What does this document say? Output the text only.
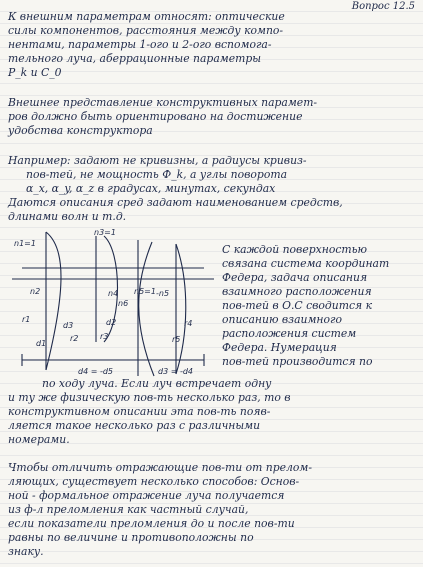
Вопрос 12.5
К внешним параметрам относят: оптические
силы компонентов, расстояния между компо-
нентами, параметры 1-ого и 2-ого вспомога-
тельного луча, аберрационные параметры
P_k и C_0
Внешнее представление конструктивных парамет-
ров должно быть ориентировано на достижение
удобства конструктора
Например: задают не кривизны, а радиусы кривиз-
пов-тей, не мощность Ф_k, а углы поворота
α_x, α_y, α_z в градусах, минутах, секундах
Даются описания сред задают наименованием средств,
длинами волн и т.д.
С каждой поверхностью
связана система координат
Федера, задача описания
взаимного расположения
пов-тей в О.С сводится к
описанию взаимного
расположения систем
Федера. Нумерация
пов-тей производится по
по ходу луча. Если луч встречает одну
и ту же физическую пов-ть несколько раз, то в
конструктивном описании эта пов-ть появ-
ляется такое несколько раз с различными
номерами.
Чтобы отличить отражающие пов-ти от прелом-
ляющих, существует несколько способов: Основ-
ной - формальное отражение луча получается
из ф-л преломления как частный случай,
если показатели преломления до и после пов-ти
равны по величине и противоположны по
знаку.
n1=1
n3=1
n2	n4 n5=1
n6
-n5
r1
r2	r3
r4
r5
d1
d2
d3
d4 = -d5	d3 = -d4
